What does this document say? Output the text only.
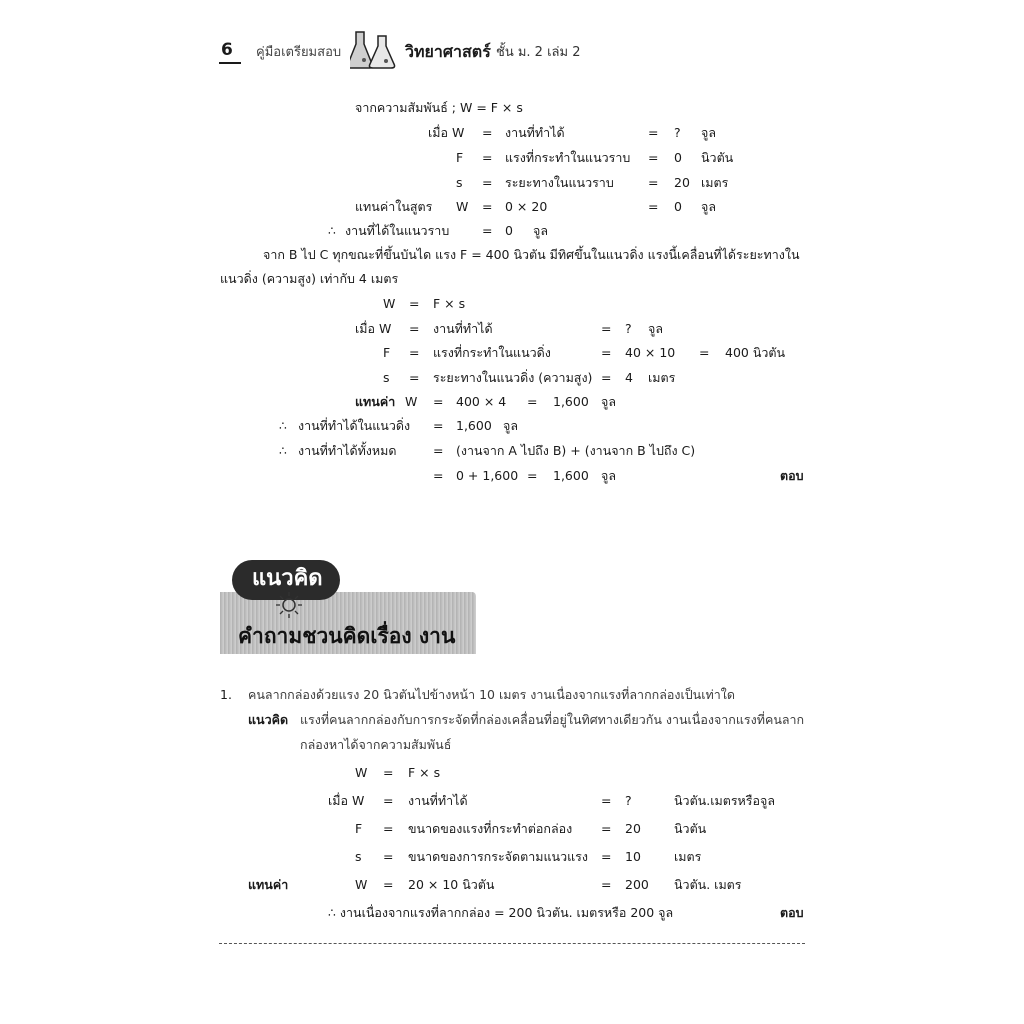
6 คู่มือเตรียมสอบ	วิทยาศาสตร์ ชั้น ม. 2 เล่ม 2
จากความสัมพันธ์ ; W = F × s
เมื่อ W = งานที่ทำได้	= ? จูล
F = แรงที่กระทำในแนวราบ = 0 นิวตัน
s = ระยะทางในแนวราบ	= 20 เมตร
แทนค่าในสูตร W = 0 × 20	= 0 จูล
∴ งานที่ได้ในแนวราบ	= 0 จูล
จาก B ไป C ทุกขณะที่ขึ้นบันได แรง F = 400 นิวตัน มีทิศขึ้นในแนวดิ่ง แรงนี้เคลื่อนที่ได้ระยะทางใน
แนวดิ่ง (ความสูง) เท่ากับ 4 เมตร
W = F × s
เมื่อ W = งานที่ทำได้	= ? จูล
F = แรงที่กระทำในแนวดิ่ง	= 40 × 10 = 400 นิวตัน
s = ระยะทางในแนวดิ่ง (ความสูง) = 4 เมตร
แทนค่า W = 400 × 4 = 1,600 จูล
∴ งานที่ทำได้ในแนวดิ่ง = 1,600 จูล
∴ งานที่ทำได้ทั้งหมด	= (งานจาก A ไปถึง B) + (งานจาก B ไปถึง C)
= 0 + 1,600 = 1,600 จูล	ตอบ
แนวคิด
คำถามชวนคิดเรื่อง งาน
1. คนลากกล่องด้วยแรง 20 นิวตันไปข้างหน้า 10 เมตร งานเนื่องจากแรงที่ลากกล่องเป็นเท่าใด
แนวคิด แรงที่คนลากกล่องกับการกระจัดที่กล่องเคลื่อนที่อยู่ในทิศทางเดียวกัน งานเนื่องจากแรงที่คนลาก
กล่องหาได้จากความสัมพันธ์
W = F × s
เมื่อ W = งานที่ทำได้	= ?	นิวตัน.เมตรหรือจูล
F = ขนาดของแรงที่กระทำต่อกล่อง = 20	นิวตัน
s = ขนาดของการกระจัดตามแนวแรง = 10	เมตร
แทนค่า	W = 20 × 10 นิวตัน	= 200 นิวตัน. เมตร
∴ งานเนื่องจากแรงที่ลากกล่อง = 200 นิวตัน. เมตรหรือ 200 จูล	ตอบ
